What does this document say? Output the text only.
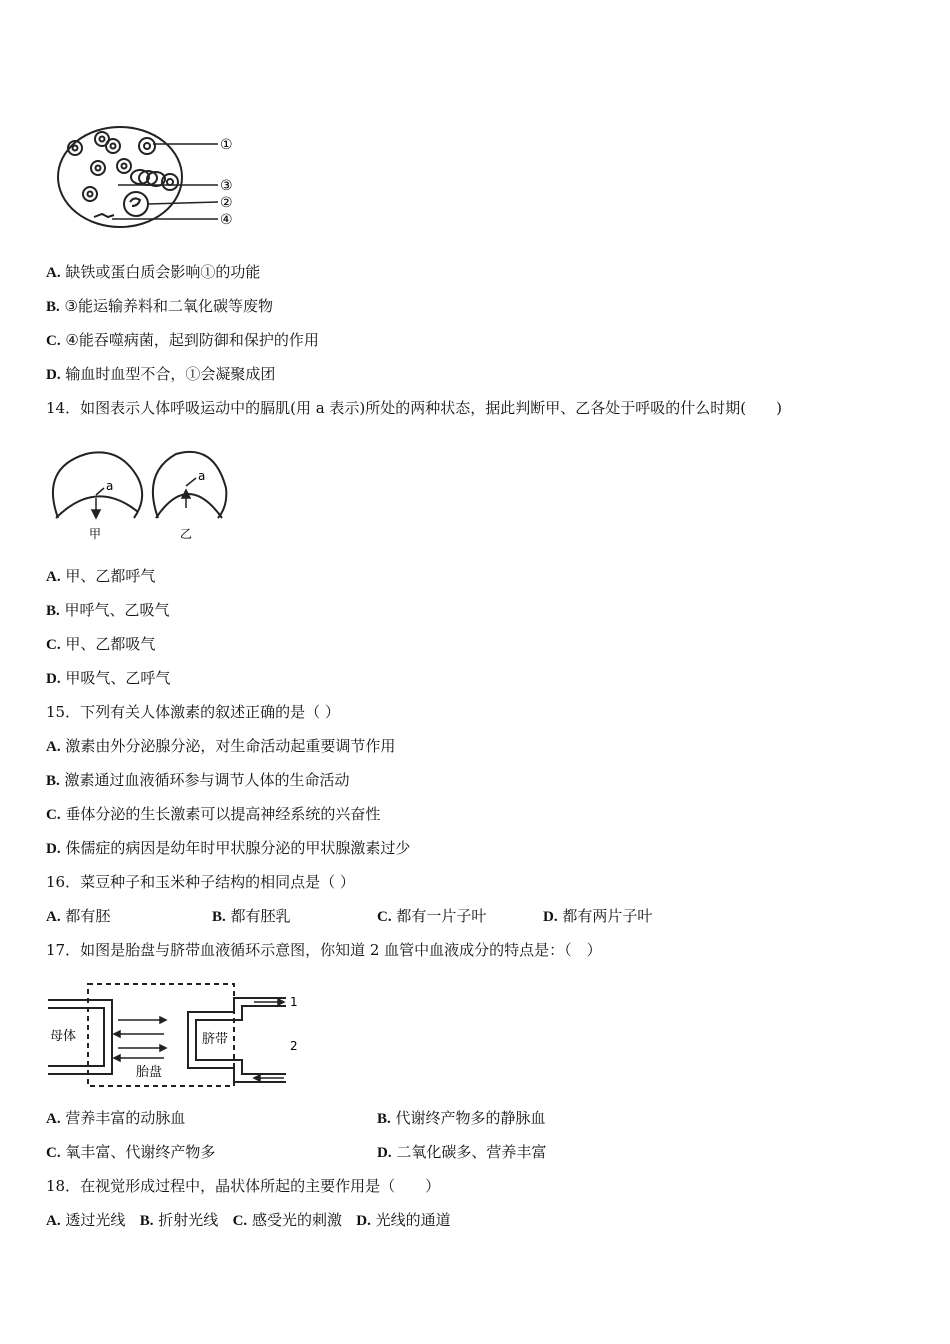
①
③
②
④
A. 缺铁或蛋白质会影响①的功能
B. ③能运输养料和二氧化碳等废物
C. ④能吞噬病菌，起到防御和保护的作用
D. 输血时血型不合，①会凝聚成团
14．如图表示人体呼吸运动中的膈肌(用 a 表示)所处的两种状态，据此判断甲、乙各处于呼吸的什么时期(　　)
a
a
甲	乙
A. 甲、乙都呼气
B. 甲呼气、乙吸气
C. 甲、乙都吸气
D. 甲吸气、乙呼气
15．下列有关人体激素的叙述正确的是（ ）
A. 激素由外分泌腺分泌，对生命活动起重要调节作用
B. 激素通过血液循环参与调节人体的生命活动
C. 垂体分泌的生长激素可以提高神经系统的兴奋性
D. 侏儒症的病因是幼年时甲状腺分泌的甲状腺激素过少
16．菜豆种子和玉米种子结构的相同点是（ ）
A. 都有胚	B. 都有胚乳	C. 都有一片子叶	D. 都有两片子叶
17．如图是胎盘与脐带血液循环示意图，你知道 2 血管中血液成分的特点是：（　）
母体
胎盘
脐带
1
2
A. 营养丰富的动脉血	B. 代谢终产物多的静脉血
C. 氧丰富、代谢终产物多	D. 二氧化碳多、营养丰富
18．在视觉形成过程中，晶状体所起的主要作用是（　　）
A. 透过光线 B. 折射光线 C. 感受光的刺激 D. 光线的通道
